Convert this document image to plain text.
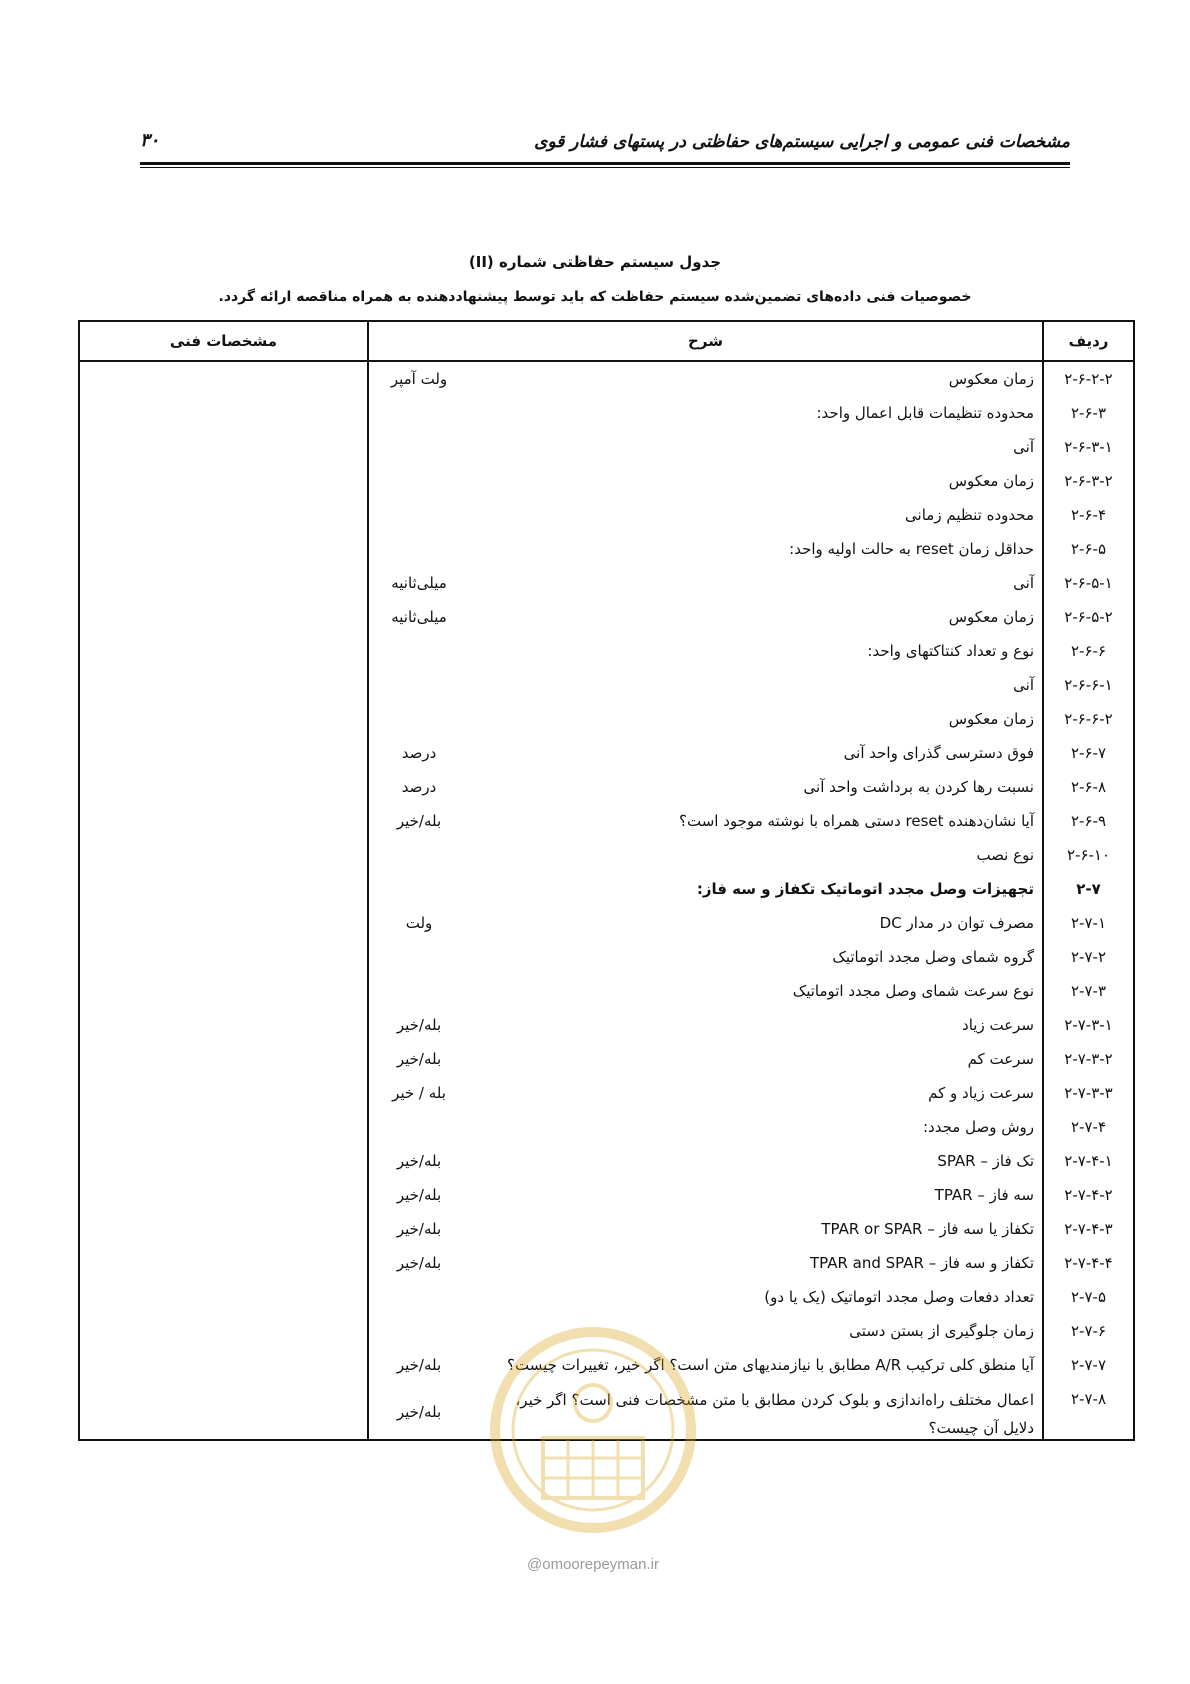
مشخصات فنی عمومی و اجرایی سیستم‌های حفاظتی در پستهای فشار قوی
۳۰
جدول سیستم حفاظتی شماره (II)
خصوصیات فنی داده‌های تضمین‌شده سیستم حفاظت که باید توسط پیشنهاددهنده به همراه مناقصه ارائه گردد.
ردیف
شرح
مشخصات فنی
۲-۶-۲-۲
زمان معکوس
ولت آمپر
۲-۶-۳
محدوده تنظیمات قابل اعمال واحد:
۲-۶-۳-۱
آنی
۲-۶-۳-۲
زمان معکوس
۲-۶-۴
محدوده تنظیم زمانی
۲-۶-۵
حداقل زمان reset به حالت اولیه واحد:
۲-۶-۵-۱
آنی
میلی‌ثانیه
۲-۶-۵-۲
زمان معکوس
میلی‌ثانیه
۲-۶-۶
نوع و تعداد کنتاکتهای واحد:
۲-۶-۶-۱
آنی
۲-۶-۶-۲
زمان معکوس
۲-۶-۷
فوق دسترسی گذرای واحد آنی
درصد
۲-۶-۸
نسبت رها کردن به برداشت واحد آنی
درصد
۲-۶-۹
آیا نشان‌دهنده reset دستی همراه با نوشته موجود است؟
بله/خیر
۲-۶-۱۰
نوع نصب
۲-۷
تجهیزات وصل مجدد اتوماتیک تکفاز و سه فاز:
۲-۷-۱
مصرف توان در مدار DC
ولت
۲-۷-۲
گروه شمای وصل مجدد اتوماتیک
۲-۷-۳
نوع سرعت شمای وصل مجدد اتوماتیک
۲-۷-۳-۱
سرعت زیاد
بله/خیر
۲-۷-۳-۲
سرعت کم
بله/خیر
۲-۷-۳-۳
سرعت زیاد و کم
بله / خیر
۲-۷-۴
روش وصل مجدد:
۲-۷-۴-۱
تک فاز – SPAR
بله/خیر
۲-۷-۴-۲
سه فاز – TPAR
بله/خیر
۲-۷-۴-۳
تکفاز یا سه فاز – TPAR or SPAR
بله/خیر
۲-۷-۴-۴
تکفاز و سه فاز – TPAR and SPAR
بله/خیر
۲-۷-۵
تعداد دفعات وصل مجدد اتوماتیک (یک یا دو)
۲-۷-۶
زمان جلوگیری از بستن دستی
۲-۷-۷
آیا منطق کلی ترکیب A/R مطابق با نیازمندیهای متن است؟ اگر خیر، تغییرات چیست؟
بله/خیر
۲-۷-۸
اعمال مختلف راه‌اندازی و بلوک کردن مطابق با متن مشخصات فنی است؟ اگر خیر، دلایل آن چیست؟
بله/خیر
@omoorepeyman.ir
